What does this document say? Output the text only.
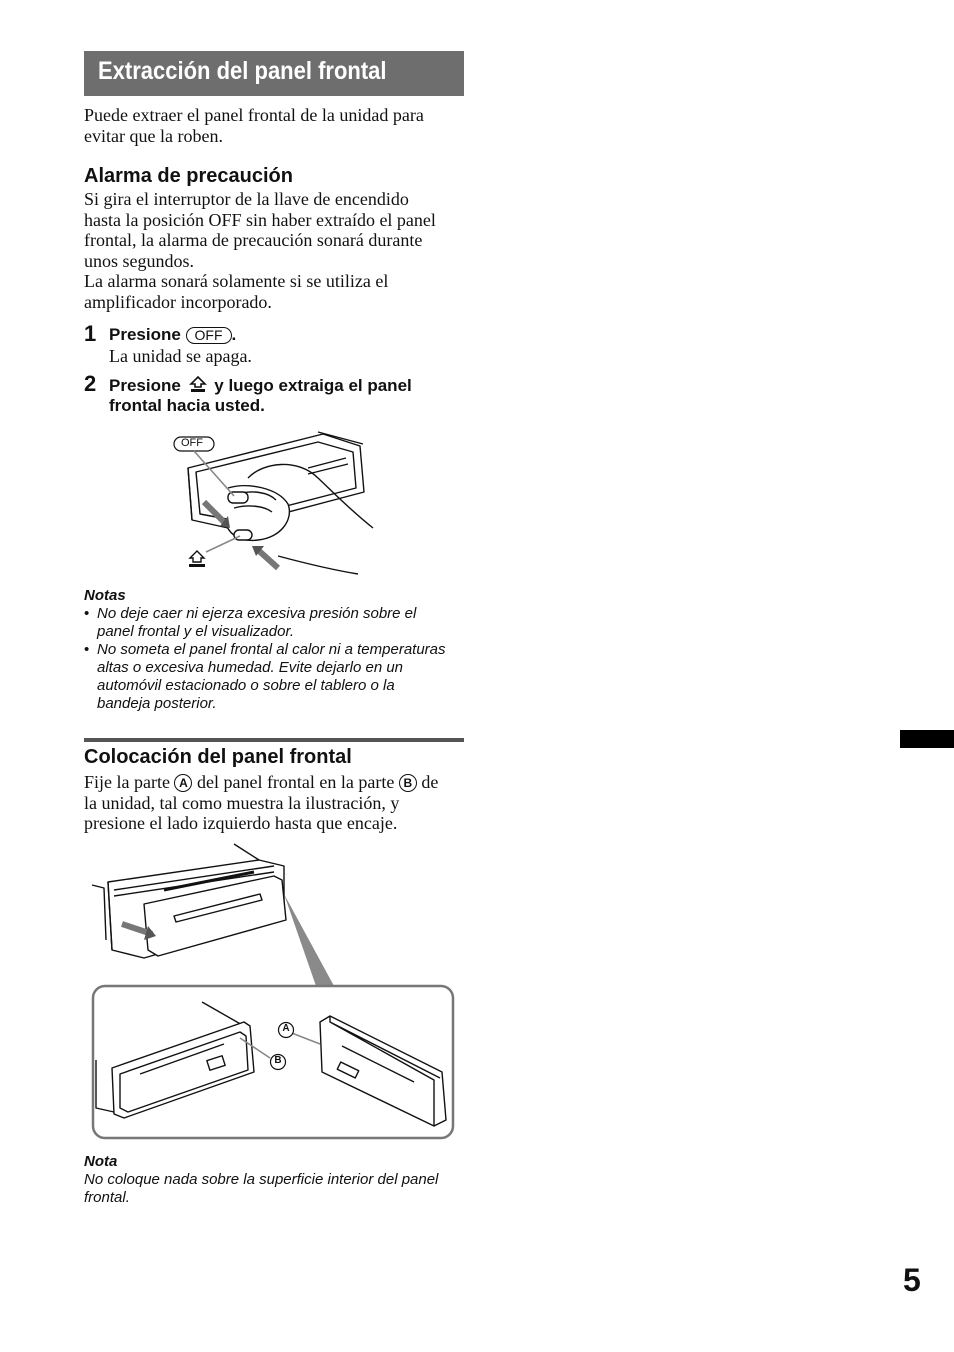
Extracción del panel frontal
Puede extraer el panel frontal de la unidad para
evitar que la roben.
Alarma de precaución
Si gira el interruptor de la llave de encendido
hasta la posición OFF sin haber extraído el panel
frontal, la alarma de precaución sonará durante
unos segundos.
La alarma sonará solamente si se utiliza el
amplificador incorporado.
1 Presione OFF .
La unidad se apaga.
2 Presione y luego extraiga el panel
frontal hacia usted.
OFF
Notas
• No deje caer ni ejerza excesiva presión sobre el
panel frontal y el visualizador.
• No someta el panel frontal al calor ni a temperaturas
altas o excesiva humedad. Evite dejarlo en un
automóvil estacionado o sobre el tablero o la
bandeja posterior.
Colocación del panel frontal
Fije la parte A del panel frontal en la parte B de
la unidad, tal como muestra la ilustración, y
presione el lado izquierdo hasta que encaje.
A
B
Nota
No coloque nada sobre la superficie interior del panel
frontal.
5
